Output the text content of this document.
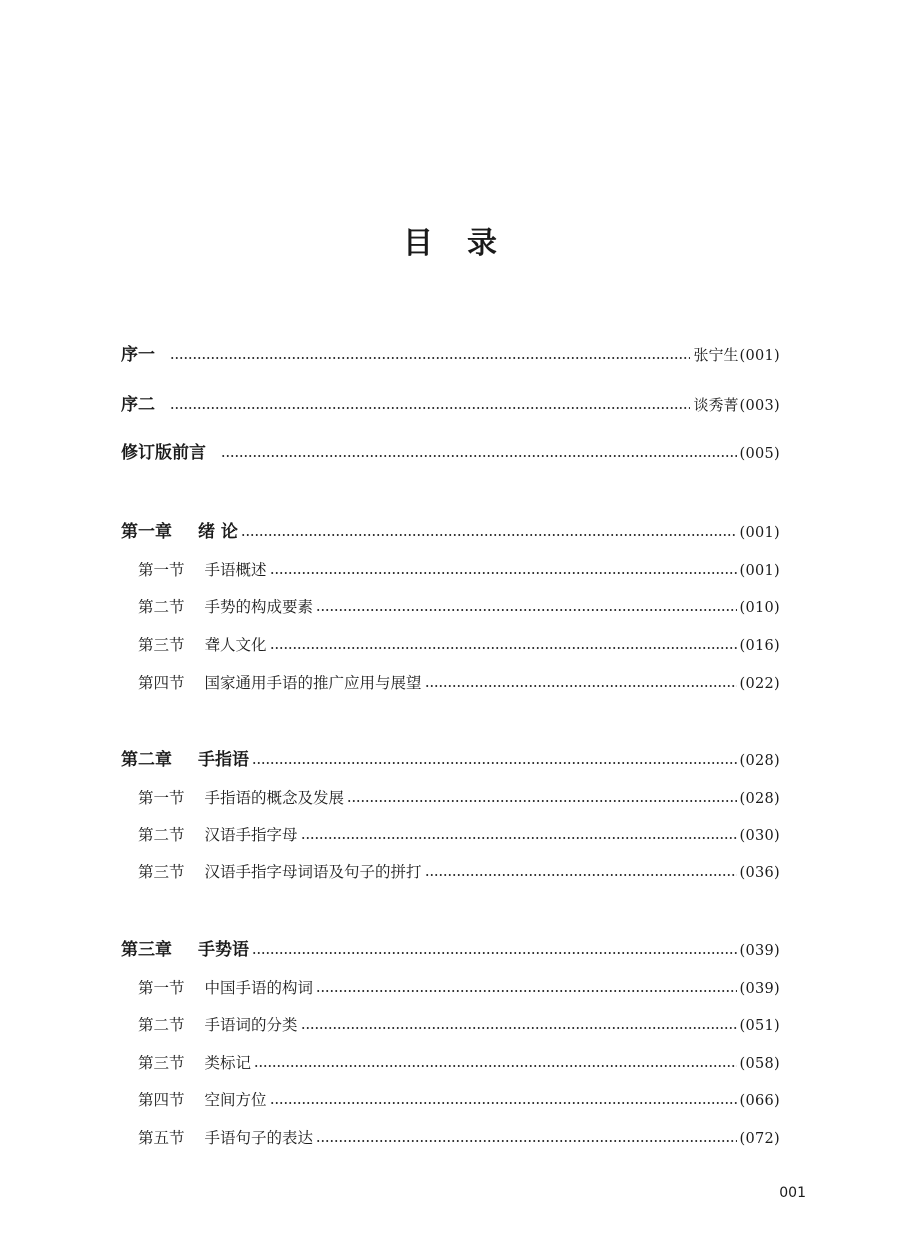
目录
序一	张宁生 (001)
序二	谈秀菁 (003)
修订版前言	(005)
第一章 绪 论	(001)
第一节 手语概述	(001)
第二节 手势的构成要素	(010)
第三节 聋人文化	(016)
第四节 国家通用手语的推广应用与展望	(022)
第二章 手指语	(028)
第一节 手指语的概念及发展	(028)
第二节 汉语手指字母	(030)
第三节 汉语手指字母词语及句子的拼打	(036)
第三章 手势语	(039)
第一节 中国手语的构词	(039)
第二节 手语词的分类	(051)
第三节 类标记	(058)
第四节 空间方位	(066)
第五节 手语句子的表达	(072)
001
